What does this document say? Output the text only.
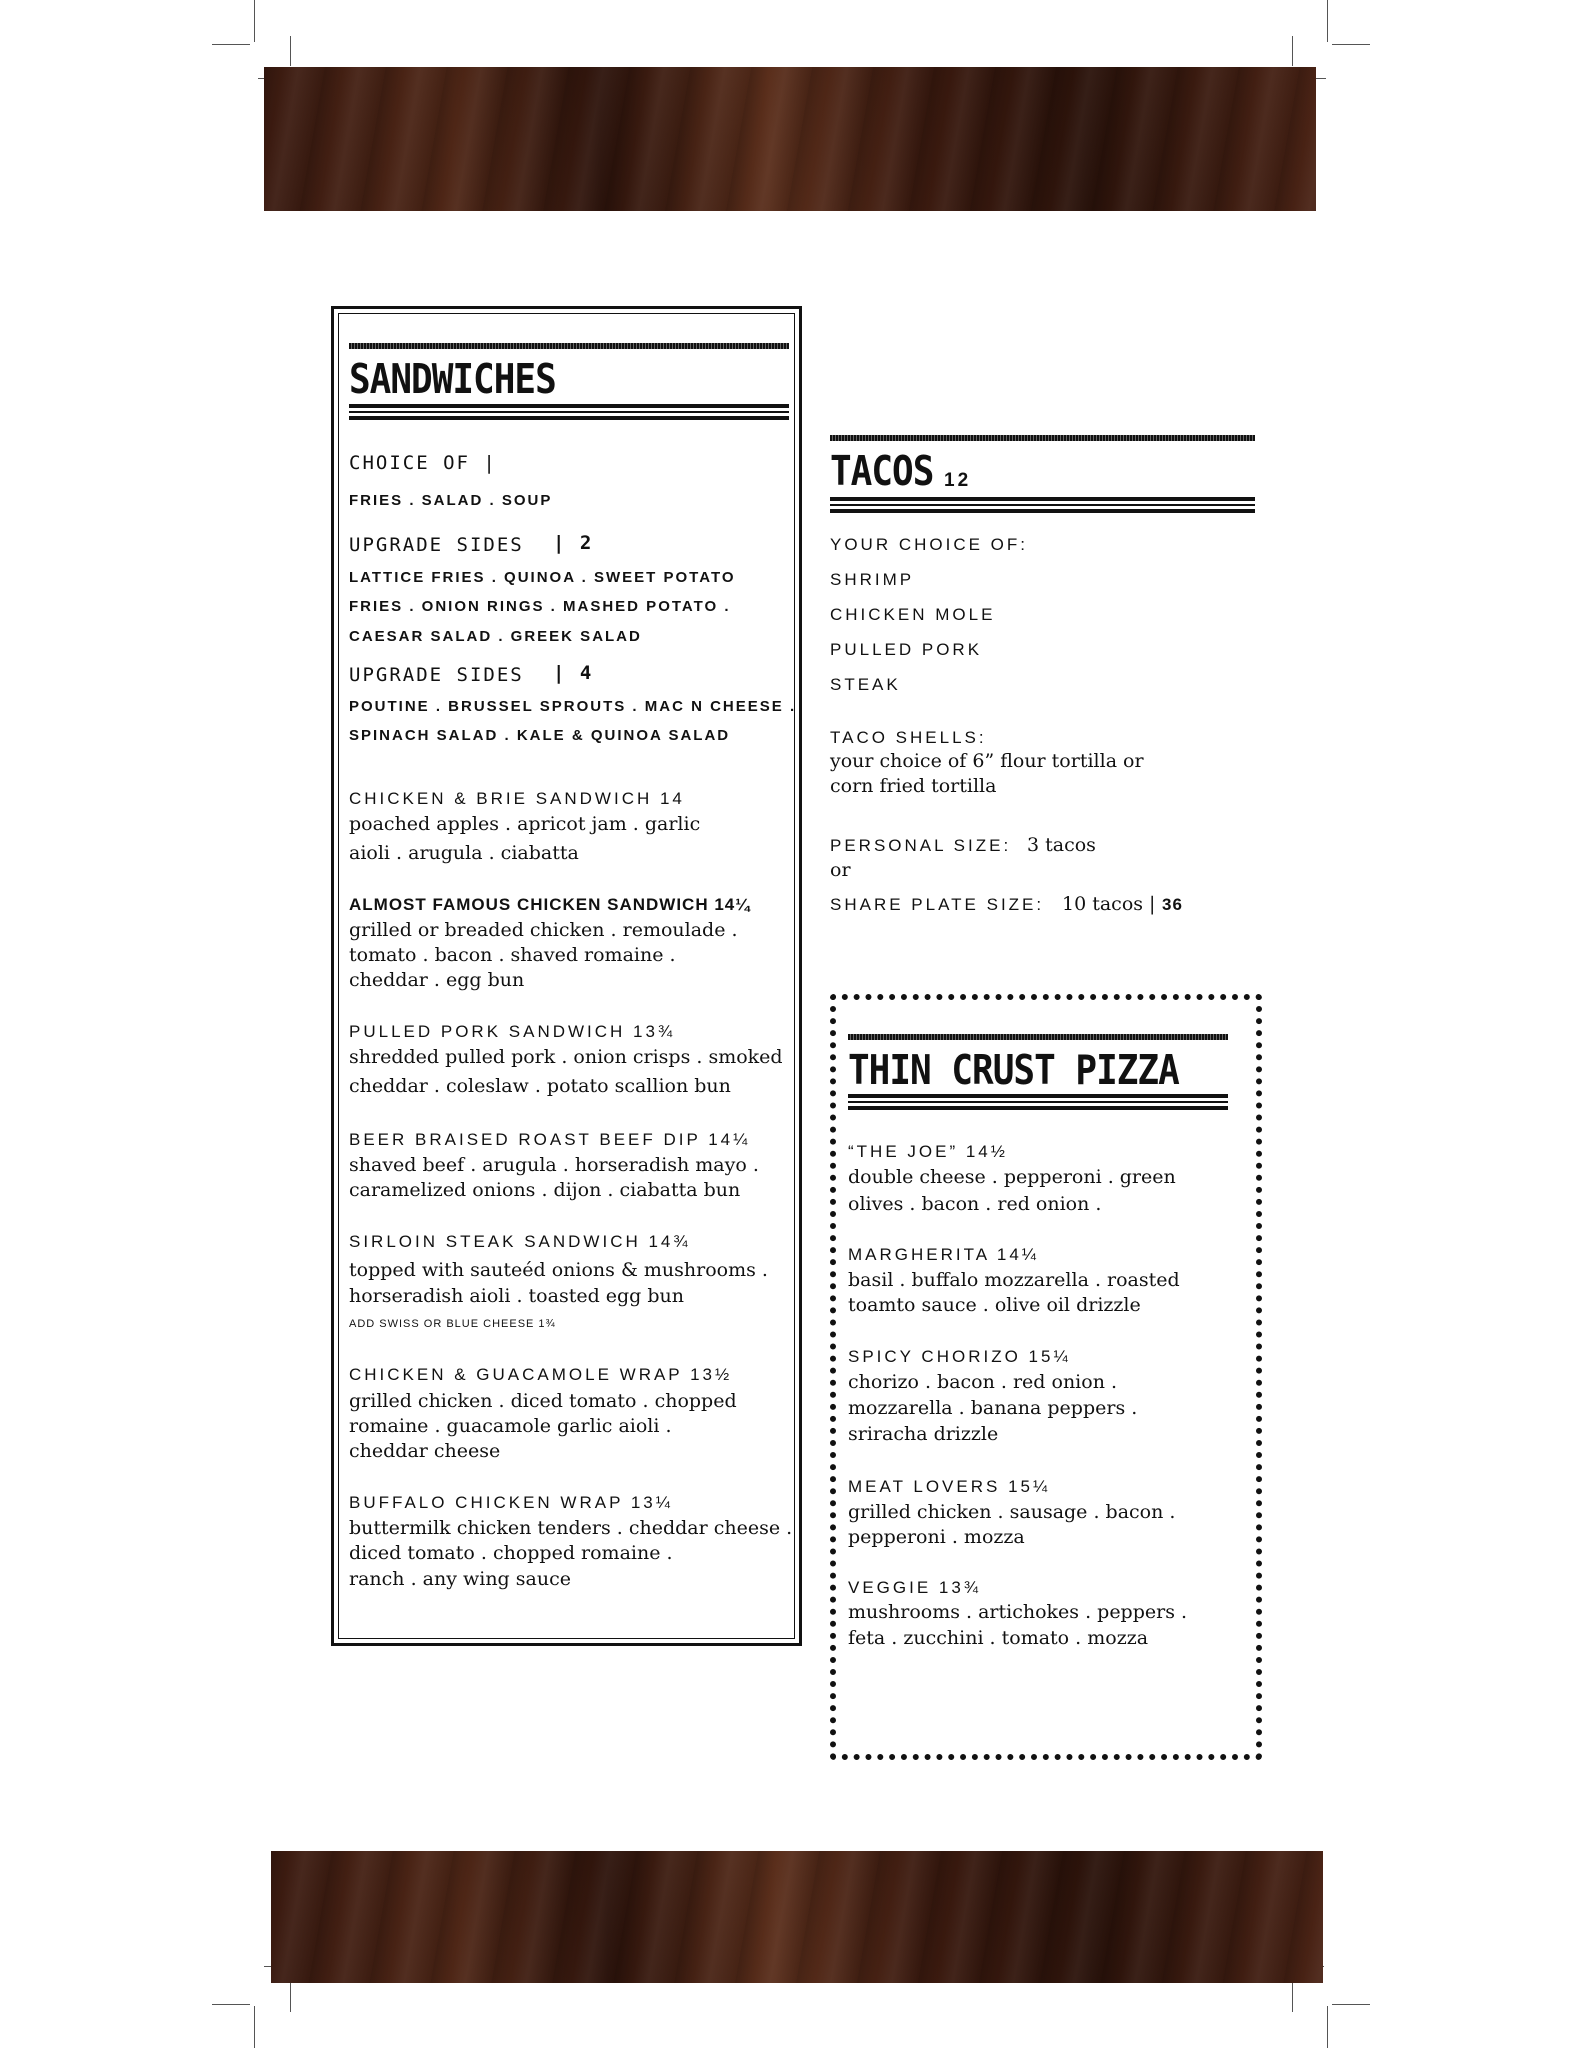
SANDWICHES
CHOICE OF |
FRIES . SALAD . SOUP
UPGRADE SIDES | 2
LATTICE FRIES . QUINOA . SWEET POTATO
FRIES . ONION RINGS . MASHED POTATO .
CAESAR SALAD . GREEK SALAD
UPGRADE SIDES | 4
POUTINE . BRUSSEL SPROUTS . MAC N CHEESE .
SPINACH SALAD . KALE & QUINOA SALAD
CHICKEN & BRIE SANDWICH 14
poached apples . apricot jam . garlic
aioli . arugula . ciabatta
ALMOST FAMOUS CHICKEN SANDWICH 14¼
grilled or breaded chicken . remoulade .
tomato . bacon . shaved romaine .
cheddar . egg bun
PULLED PORK SANDWICH 13¾
shredded pulled pork . onion crisps . smoked
cheddar . coleslaw . potato scallion bun
BEER BRAISED ROAST BEEF DIP 14¼
shaved beef . arugula . horseradish mayo .
caramelized onions . dijon . ciabatta bun
SIRLOIN STEAK SANDWICH 14¾
topped with sauteéd onions & mushrooms .
horseradish aioli . toasted egg bun
ADD SWISS OR BLUE CHEESE 1¾
CHICKEN & GUACAMOLE WRAP 13½
grilled chicken . diced tomato . chopped
romaine . guacamole garlic aioli .
cheddar cheese
BUFFALO CHICKEN WRAP 13¼
buttermilk chicken tenders . cheddar cheese .
diced tomato . chopped romaine .
ranch . any wing sauce
TACOS 12
YOUR CHOICE OF:
SHRIMP
CHICKEN MOLE
PULLED PORK
STEAK
TACO SHELLS:
your choice of 6” flour tortilla or
corn fried tortilla
PERSONAL SIZE: 3 tacos
or
SHARE PLATE SIZE: 10 tacos | 36
THIN CRUST PIZZA
“THE JOE” 14½
double cheese . pepperoni . green
olives . bacon . red onion .
MARGHERITA 14¼
basil . buffalo mozzarella . roasted
toamto sauce . olive oil drizzle
SPICY CHORIZO 15¼
chorizo . bacon . red onion .
mozzarella . banana peppers .
sriracha drizzle
MEAT LOVERS 15¼
grilled chicken . sausage . bacon .
pepperoni . mozza
VEGGIE 13¾
mushrooms . artichokes . peppers .
feta . zucchini . tomato . mozza
